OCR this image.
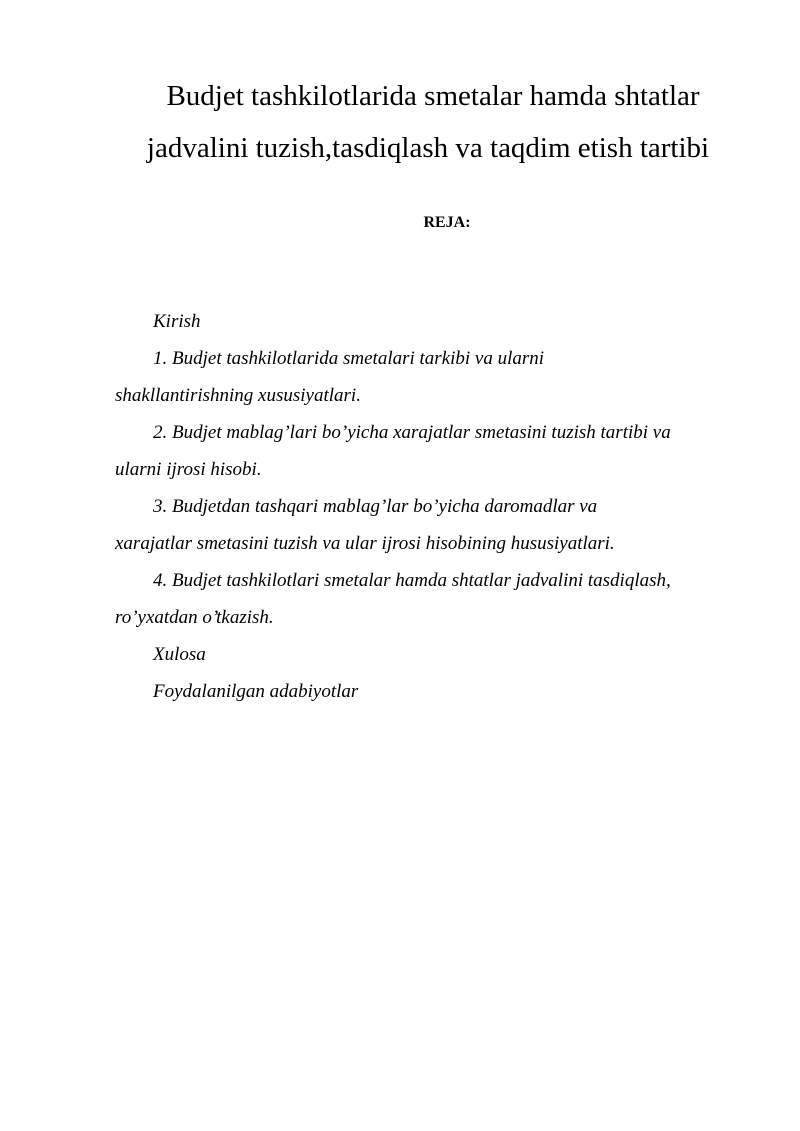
Budjet tashkilotlarida smetalar hamda shtatlar
jadvalini tuzish,tasdiqlash va taqdim etish tartibi

REJA:

Kirish
1. Budjet tashkilotlarida smetalari tarkibi va ularni
shakllantirishning xususiyatlari.
2. Budjet mablag’lari bo’yicha xarajatlar smetasini tuzish tartibi va
ularni ijrosi hisobi.
3. Budjetdan tashqari mablag’lar bo’yicha daromadlar va
xarajatlar smetasini tuzish va ular ijrosi hisobining hususiyatlari.
4. Budjet tashkilotlari smetalar hamda shtatlar jadvalini tasdiqlash,
ro’yxatdan o’tkazish.
Xulosa
Foydalanilgan adabiyotlar
